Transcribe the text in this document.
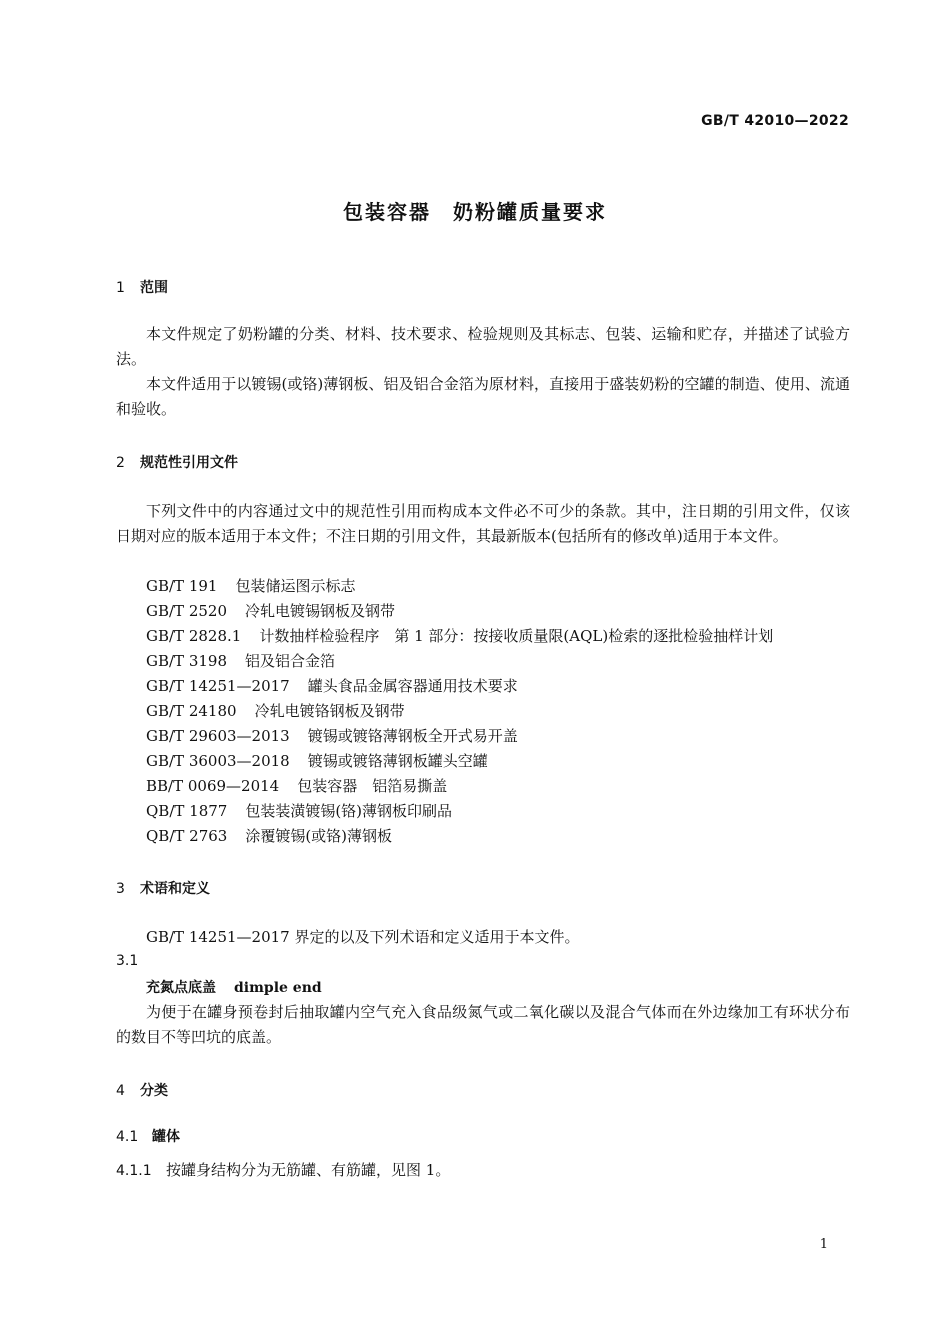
GB/T 42010—2022
包装容器　奶粉罐质量要求
1 范围
本文件规定了奶粉罐的分类、材料、技术要求、检验规则及其标志、包装、运输和贮存，并描述了试验方法。
本文件适用于以镀锡(或铬)薄钢板、铝及铝合金箔为原材料，直接用于盛装奶粉的空罐的制造、使用、流通和验收。
2 规范性引用文件
下列文件中的内容通过文中的规范性引用而构成本文件必不可少的条款。其中，注日期的引用文件，仅该日期对应的版本适用于本文件；不注日期的引用文件，其最新版本(包括所有的修改单)适用于本文件。
GB/T 191 包装储运图示标志
GB/T 2520 冷轧电镀锡钢板及钢带
GB/T 2828.1 计数抽样检验程序　第 1 部分：按接收质量限(AQL)检索的逐批检验抽样计划
GB/T 3198 铝及铝合金箔
GB/T 14251—2017 罐头食品金属容器通用技术要求
GB/T 24180 冷轧电镀铬钢板及钢带
GB/T 29603—2013 镀锡或镀铬薄钢板全开式易开盖
GB/T 36003—2018 镀锡或镀铬薄钢板罐头空罐
BB/T 0069—2014 包装容器　铝箔易撕盖
QB/T 1877 包装装潢镀锡(铬)薄钢板印刷品
QB/T 2763 涂覆镀锡(或铬)薄钢板
3 术语和定义
GB/T 14251—2017 界定的以及下列术语和定义适用于本文件。
3.1
充氮点底盖 dimple end
为便于在罐身预卷封后抽取罐内空气充入食品级氮气或二氧化碳以及混合气体而在外边缘加工有环状分布的数目不等凹坑的底盖。
4 分类
4.1 罐体
4.1.1 按罐身结构分为无筋罐、有筋罐，见图 1。
1
